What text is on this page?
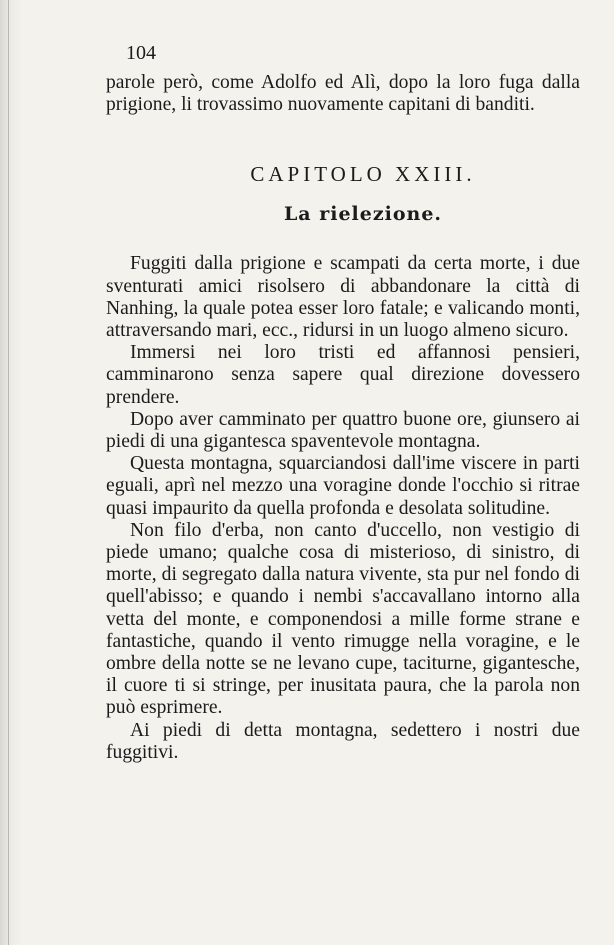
104

parole però, come Adolfo ed Alì, dopo la loro fuga dalla prigione, li trovassimo nuovamente capitani di banditi.

CAPITOLO XXIII.
La rielezione.

Fuggiti dalla prigione e scampati da certa morte, i due sventurati amici risolsero di abbandonare la città di Nanhing, la quale potea esser loro fatale; e valicando monti, attraversando mari, ecc., ridursi in un luogo almeno sicuro.

Immersi nei loro tristi ed affannosi pensieri, camminarono senza sapere qual direzione dovessero prendere.

Dopo aver camminato per quattro buone ore, giunsero ai piedi di una gigantesca spaventevole montagna.

Questa montagna, squarciandosi dall'ime viscere in parti eguali, aprì nel mezzo una voragine donde l'occhio si ritrae quasi impaurito da quella profonda e desolata solitudine.

Non filo d'erba, non canto d'uccello, non vestigio di piede umano; qualche cosa di misterioso, di sinistro, di morte, di segregato dalla natura vivente, sta pur nel fondo di quell'abisso; e quando i nembi s'accavallano intorno alla vetta del monte, e componendosi a mille forme strane e fantastiche, quando il vento rimugge nella voragine, e le ombre della notte se ne levano cupe, taciturne, gigantesche, il cuore ti si stringe, per inusitata paura, che la parola non può esprimere.

Ai piedi di detta montagna, sedettero i nostri due fuggitivi.
